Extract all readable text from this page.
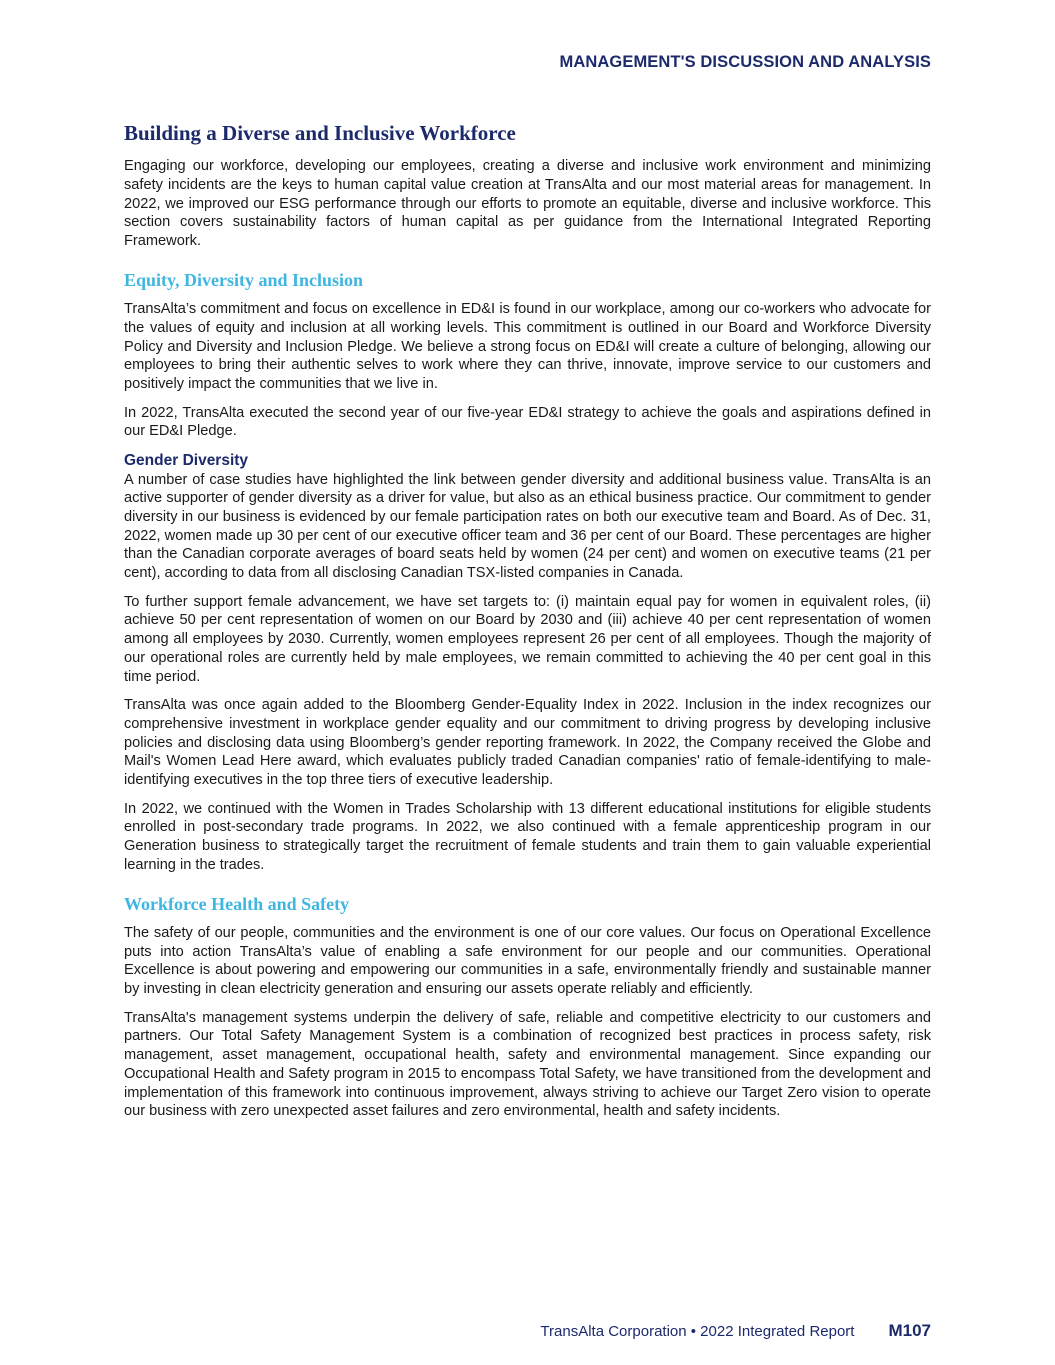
MANAGEMENT'S DISCUSSION AND ANALYSIS
Building a Diverse and Inclusive Workforce

Engaging our workforce, developing our employees, creating a diverse and inclusive work environment and minimizing safety incidents are the keys to human capital value creation at TransAlta and our most material areas for management. In 2022, we improved our ESG performance through our efforts to promote an equitable, diverse and inclusive workforce. This section covers sustainability factors of human capital as per guidance from the International Integrated Reporting Framework.

Equity, Diversity and Inclusion

TransAlta’s commitment and focus on excellence in ED&I is found in our workplace, among our co-workers who advocate for the values of equity and inclusion at all working levels. This commitment is outlined in our Board and Workforce Diversity Policy and Diversity and Inclusion Pledge. We believe a strong focus on ED&I will create a culture of belonging, allowing our employees to bring their authentic selves to work where they can thrive, innovate, improve service to our customers and positively impact the communities that we live in.

In 2022, TransAlta executed the second year of our five-year ED&I strategy to achieve the goals and aspirations defined in our ED&I Pledge.

Gender Diversity

A number of case studies have highlighted the link between gender diversity and additional business value. TransAlta is an active supporter of gender diversity as a driver for value, but also as an ethical business practice. Our commitment to gender diversity in our business is evidenced by our female participation rates on both our executive team and Board. As of Dec. 31, 2022, women made up 30 per cent of our executive officer team and 36 per cent of our Board. These percentages are higher than the Canadian corporate averages of board seats held by women (24 per cent) and women on executive teams (21 per cent), according to data from all disclosing Canadian TSX-listed companies in Canada.

To further support female advancement, we have set targets to: (i) maintain equal pay for women in equivalent roles, (ii) achieve 50 per cent representation of women on our Board by 2030 and (iii) achieve 40 per cent representation of women among all employees by 2030. Currently, women employees represent 26 per cent of all employees. Though the majority of our operational roles are currently held by male employees, we remain committed to achieving the 40 per cent goal in this time period.

TransAlta was once again added to the Bloomberg Gender-Equality Index in 2022. Inclusion in the index recognizes our comprehensive investment in workplace gender equality and our commitment to driving progress by developing inclusive policies and disclosing data using Bloomberg’s gender reporting framework. In 2022, the Company received the Globe and Mail's Women Lead Here award, which evaluates publicly traded Canadian companies' ratio of female-identifying to male-identifying executives in the top three tiers of executive leadership.

In 2022, we continued with the Women in Trades Scholarship with 13 different educational institutions for eligible students enrolled in post-secondary trade programs. In 2022, we also continued with a female apprenticeship program in our Generation business to strategically target the recruitment of female students and train them to gain valuable experiential learning in the trades.

Workforce Health and Safety

The safety of our people, communities and the environment is one of our core values. Our focus on Operational Excellence puts into action TransAlta’s value of enabling a safe environment for our people and our communities. Operational Excellence is about powering and empowering our communities in a safe, environmentally friendly and sustainable manner by investing in clean electricity generation and ensuring our assets operate reliably and efficiently.

TransAlta's management systems underpin the delivery of safe, reliable and competitive electricity to our customers and partners. Our Total Safety Management System is a combination of recognized best practices in process safety, risk management, asset management, occupational health, safety and environmental management. Since expanding our Occupational Health and Safety program in 2015 to encompass Total Safety, we have transitioned from the development and implementation of this framework into continuous improvement, always striving to achieve our Target Zero vision to operate our business with zero unexpected asset failures and zero environmental, health and safety incidents.

TransAlta Corporation • 2022 Integrated Report M107
